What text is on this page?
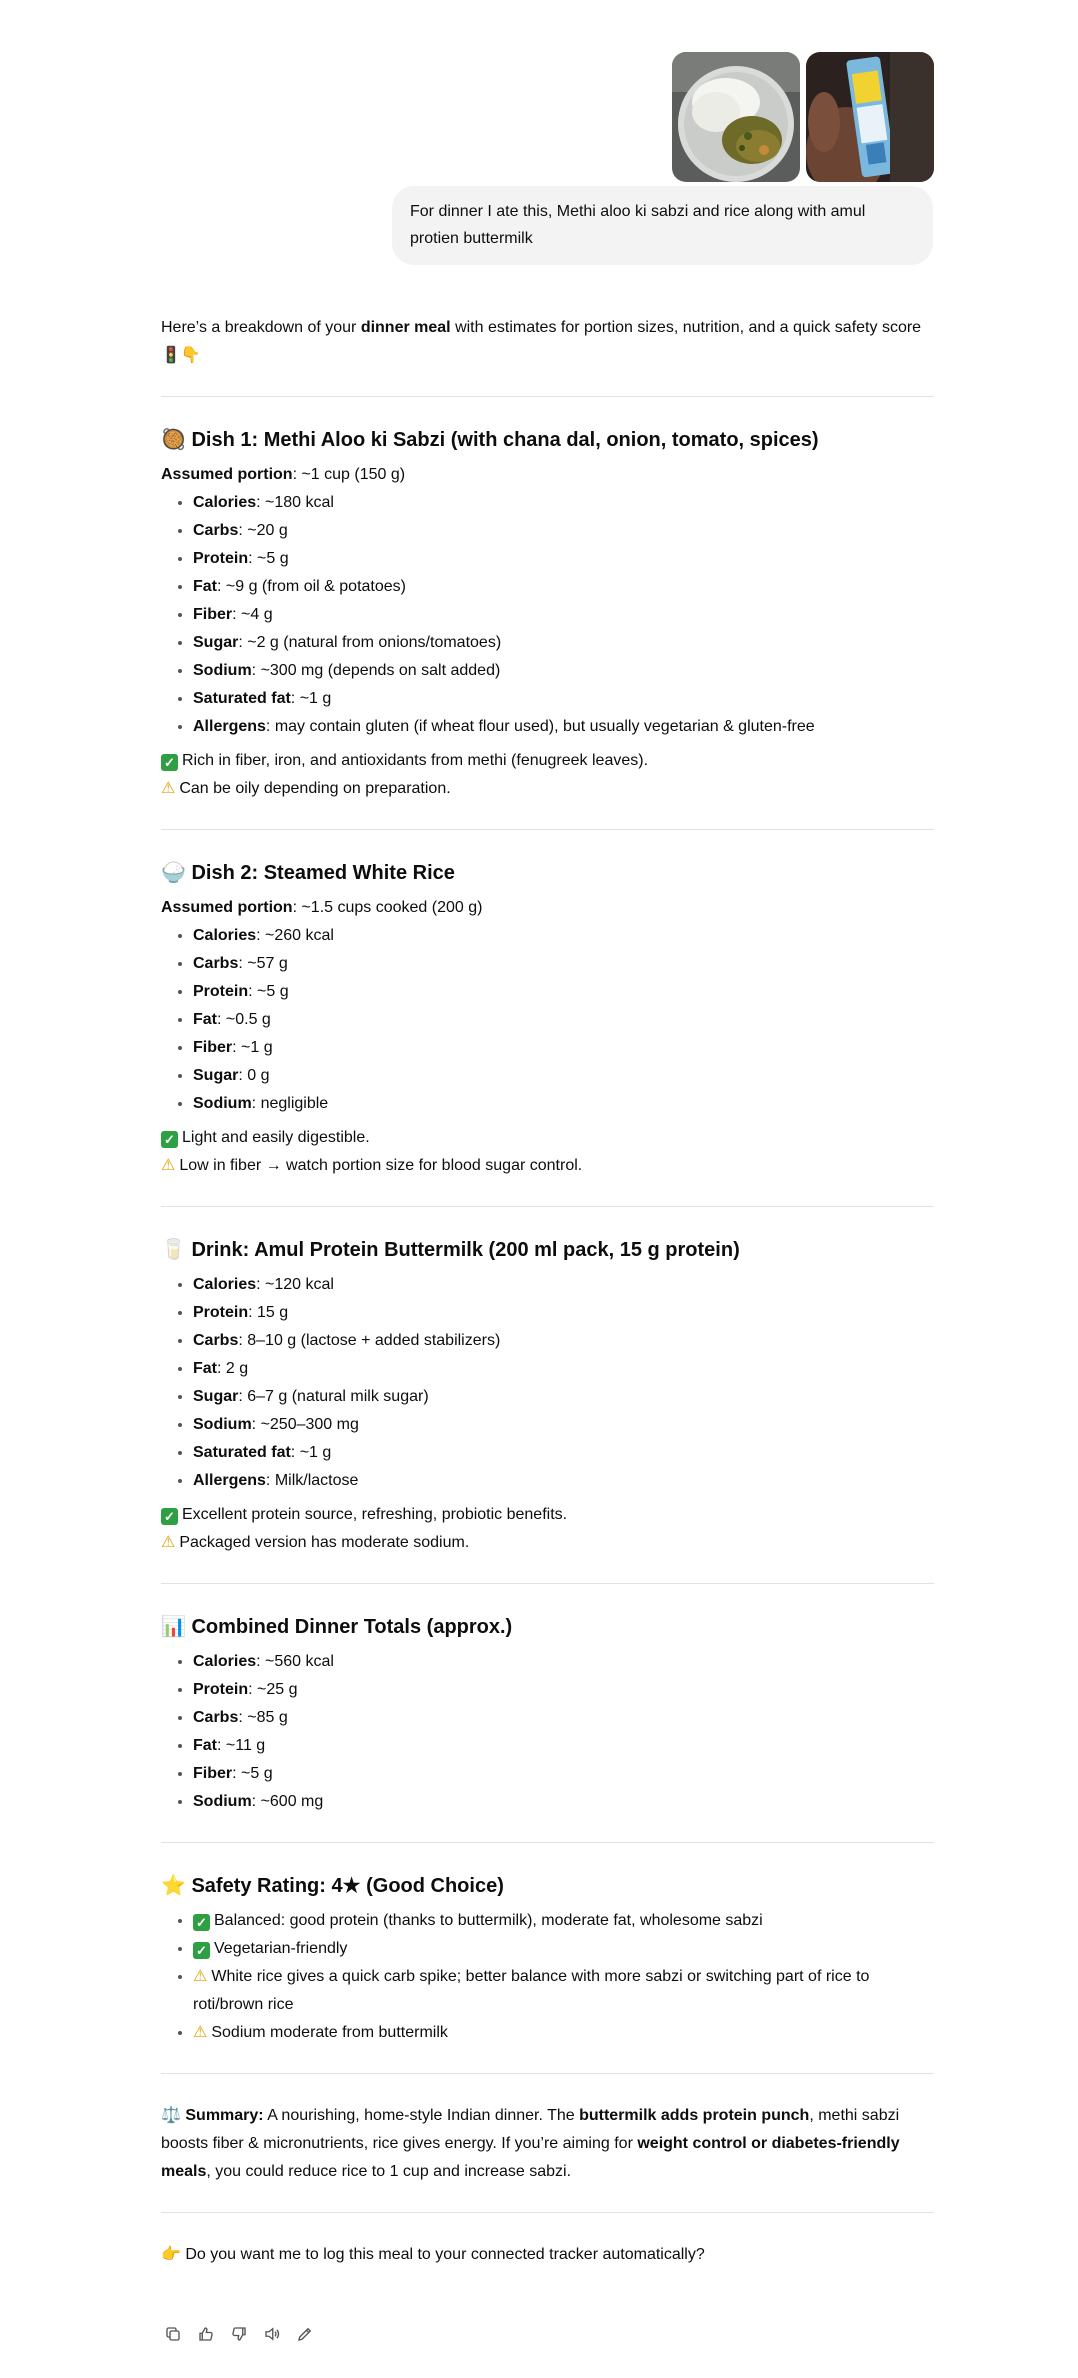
For dinner I ate this, Methi aloo ki sabzi and rice along with amul protien buttermilk

Here’s a breakdown of your dinner meal with estimates for portion sizes, nutrition, and a quick safety score 🚦👇

🥘 Dish 1: Methi Aloo ki Sabzi (with chana dal, onion, tomato, spices)

Assumed portion: ~1 cup (150 g)

• Calories: ~180 kcal
• Carbs: ~20 g
• Protein: ~5 g
• Fat: ~9 g (from oil & potatoes)
• Fiber: ~4 g
• Sugar: ~2 g (natural from onions/tomatoes)
• Sodium: ~300 mg (depends on salt added)
• Saturated fat: ~1 g
• Allergens: may contain gluten (if wheat flour used), but usually vegetarian & gluten-free

✓ Rich in fiber, iron, and antioxidants from methi (fenugreek leaves).

⚠ Can be oily depending on preparation.

🍚 Dish 2: Steamed White Rice

Assumed portion: ~1.5 cups cooked (200 g)

• Calories: ~260 kcal
• Carbs: ~57 g
• Protein: ~5 g
• Fat: ~0.5 g
• Fiber: ~1 g
• Sugar: 0 g
• Sodium: negligible

✓ Light and easily digestible.

⚠ Low in fiber → watch portion size for blood sugar control.

🥛 Drink: Amul Protein Buttermilk (200 ml pack, 15 g protein)
• Calories: ~120 kcal
• Protein: 15 g
• Carbs: 8–10 g (lactose + added stabilizers)
• Fat: 2 g
• Sugar: 6–7 g (natural milk sugar)
• Sodium: ~250–300 mg
• Saturated fat: ~1 g
• Allergens: Milk/lactose

✓ Excellent protein source, refreshing, probiotic benefits.

⚠ Packaged version has moderate sodium.

📊 Combined Dinner Totals (approx.)
• Calories: ~560 kcal
• Protein: ~25 g
• Carbs: ~85 g
• Fat: ~11 g
• Fiber: ~5 g
• Sodium: ~600 mg
⭐ Safety Rating: 4★ (Good Choice)
• ✓ Balanced: good protein (thanks to buttermilk), moderate fat, wholesome sabzi
• ✓ Vegetarian-friendly
• ⚠ White rice gives a quick carb spike; better balance with more sabzi or switching part of rice to roti/brown rice
• ⚠ Sodium moderate from buttermilk

⚖️ Summary: A nourishing, home-style Indian dinner. The buttermilk adds protein punch, methi sabzi boosts fiber & micronutrients, rice gives energy. If you’re aiming for weight control or diabetes-friendly meals, you could reduce rice to 1 cup and increase sabzi.

👉 Do you want me to log this meal to your connected tracker automatically?
